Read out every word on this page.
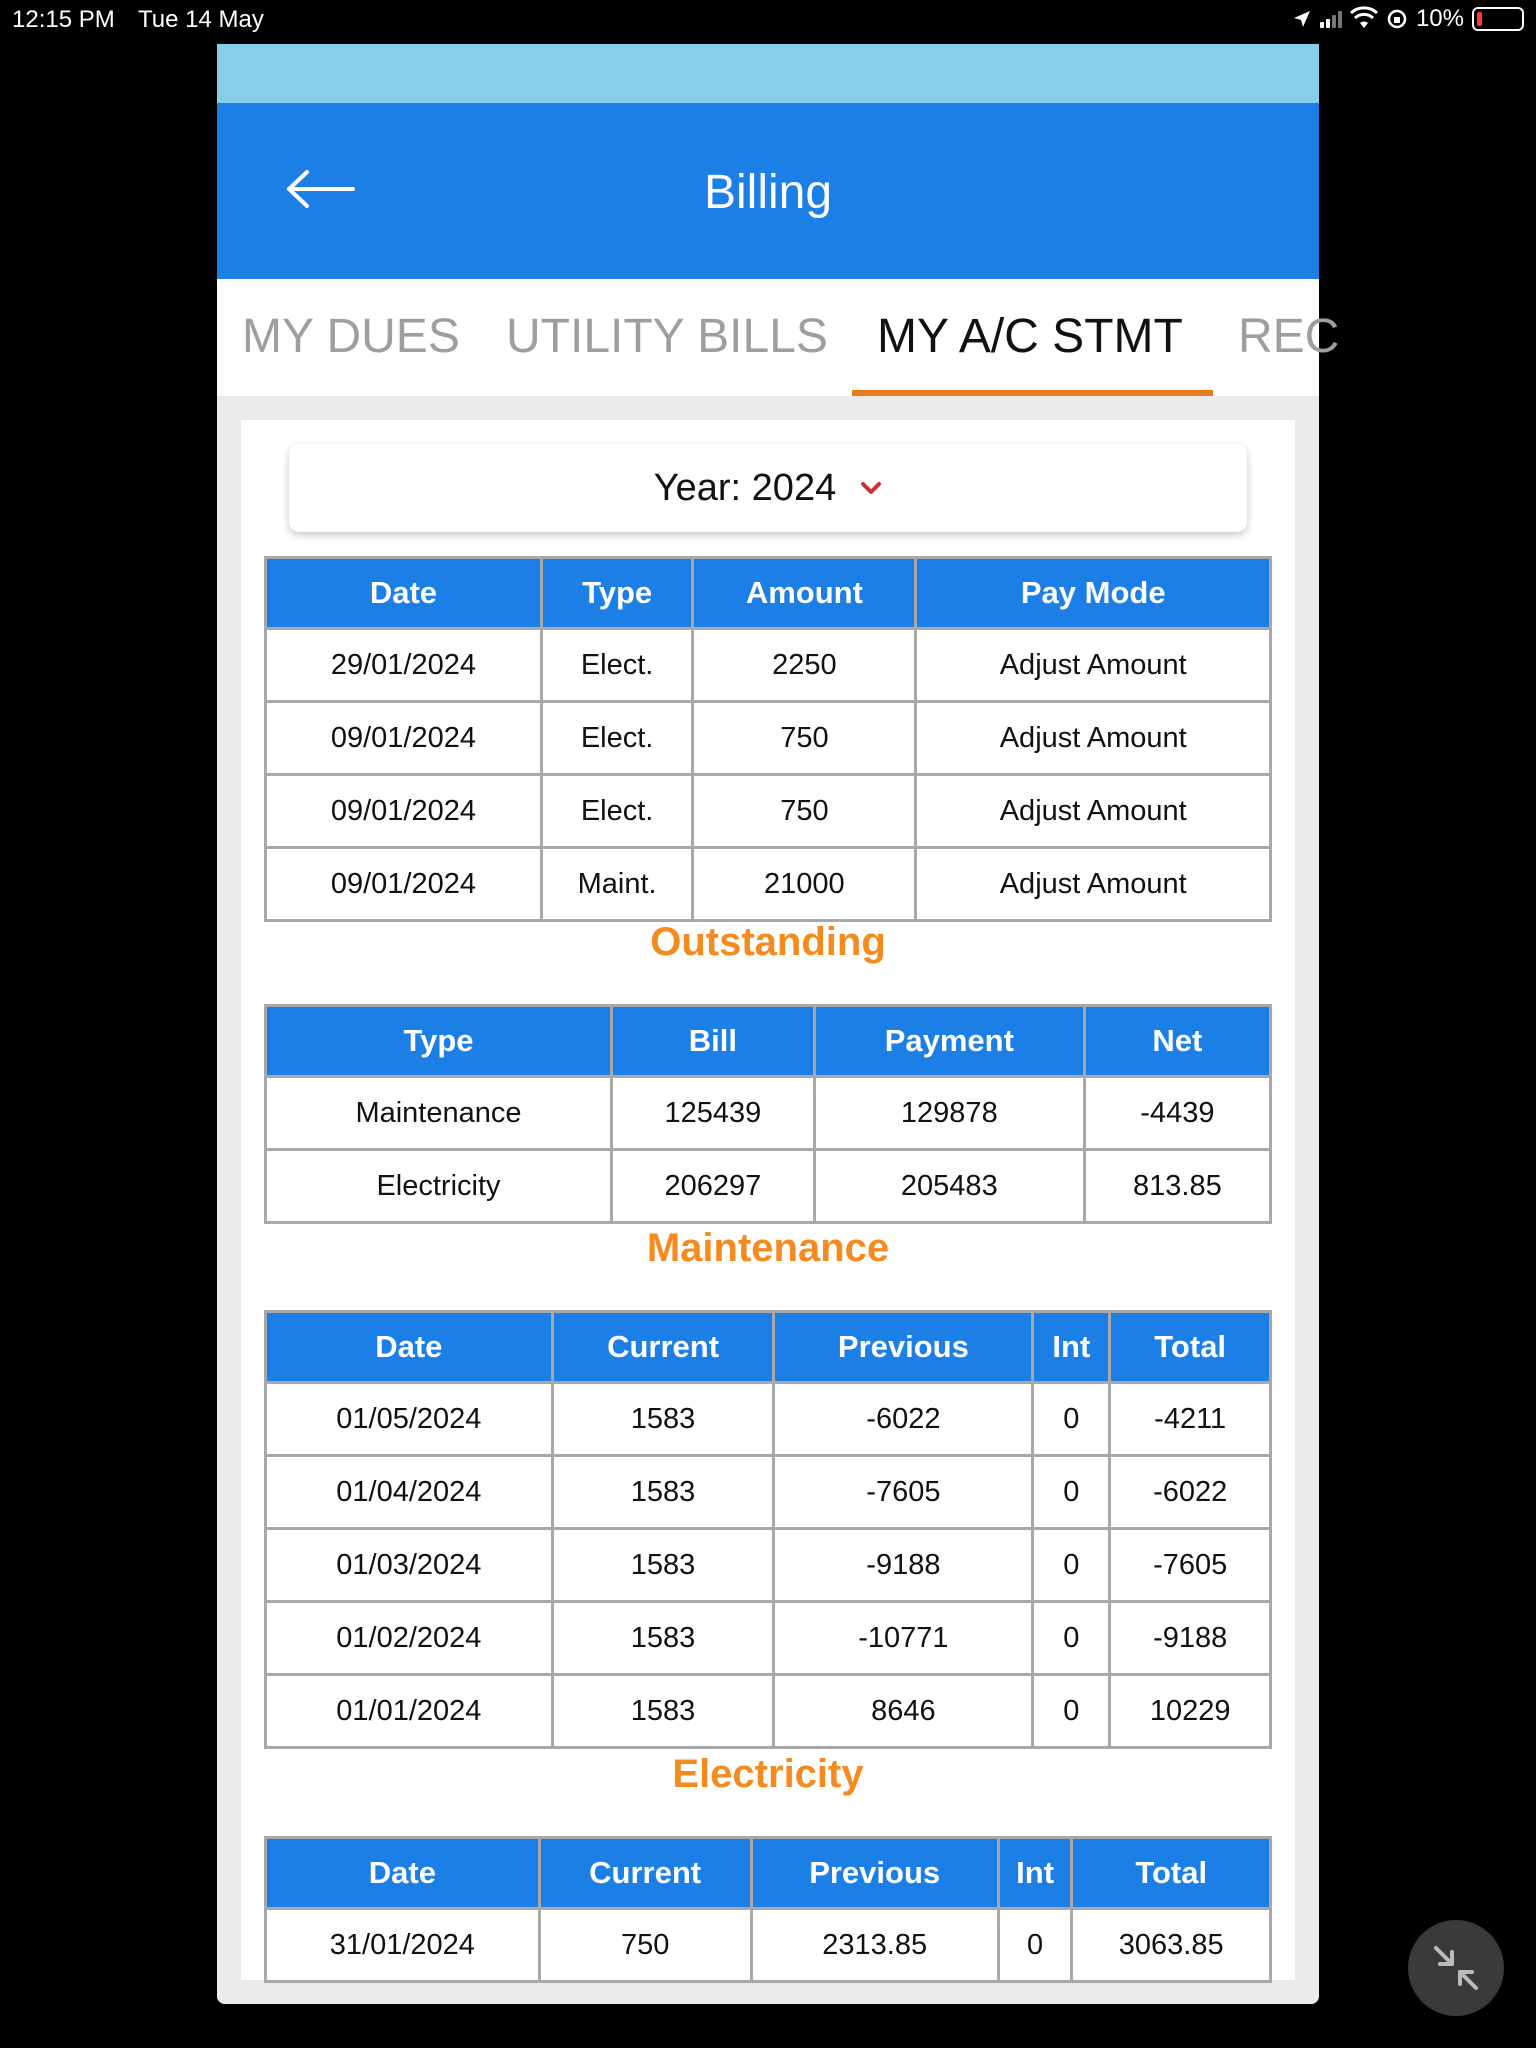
12:15 PM Tue 14 May	10%
Billing
MY DUES UTILITY BILLS MY A/C STMT REC
Year: 2024
Date	Type	Amount	Pay Mode
29/01/2024	Elect.	2250	Adjust Amount
09/01/2024	Elect.	750	Adjust Amount
09/01/2024	Elect.	750	Adjust Amount
09/01/2024	Maint.	21000	Adjust Amount
Outstanding
Type	Bill	Payment	Net
Maintenance	125439	129878	-4439
Electricity	206297	205483	813.85
Maintenance
Date	Current	Previous	Int	Total
01/05/2024	1583	-6022	0	-4211
01/04/2024	1583	-7605	0	-6022
01/03/2024	1583	-9188	0	-7605
01/02/2024	1583	-10771	0	-9188
01/01/2024	1583	8646	0	10229
Electricity
Date	Current	Previous	Int	Total
31/01/2024	750	2313.85	0	3063.85
